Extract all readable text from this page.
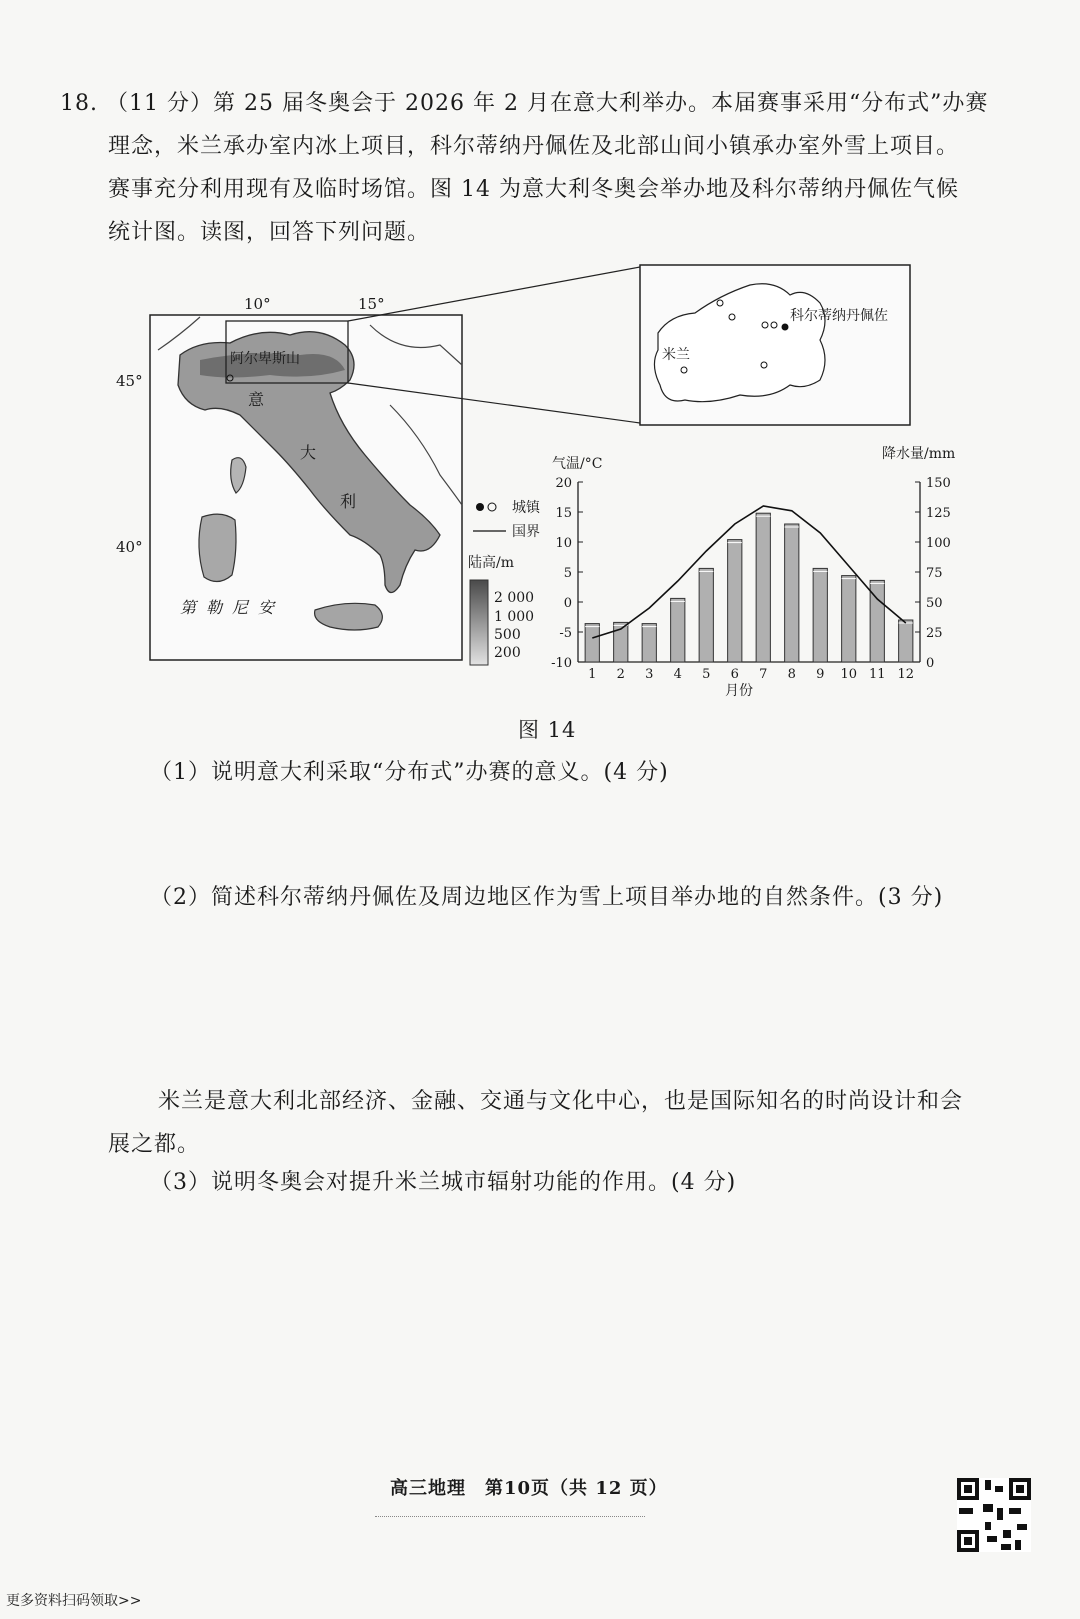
18. （11 分）第 25 届冬奥会于 2026 年 2 月在意大利举办。本届赛事采用“分布式”办赛
理念，米兰承办室内冰上项目，科尔蒂纳丹佩佐及北部山间小镇承办室外雪上项目。
赛事充分利用现有及临时场馆。图 14 为意大利冬奥会举办地及科尔蒂纳丹佩佐气候
统计图。读图，回答下列问题。
10°	15°
45°
40°
阿尔卑斯山
意
大
利
第 勒 尼 安
科尔蒂纳丹佩佐
米兰
城镇
国界
陆高/m
2 000
1 000
500
200
气温/°C
降水量/mm
20
15
10
5
0
-5
-10
150
125
100
75
50
25
0
1 2 3 4 5 6 7 8 9 10 11 12
月份
图 14
（1）说明意大利采取“分布式”办赛的意义。(4 分)
（2）简述科尔蒂纳丹佩佐及周边地区作为雪上项目举办地的自然条件。(3 分)
米兰是意大利北部经济、金融、交通与文化中心，也是国际知名的时尚设计和会
展之都。
（3）说明冬奥会对提升米兰城市辐射功能的作用。(4 分)
高三地理　第10页（共 12 页）
更多资料扫码领取>>
